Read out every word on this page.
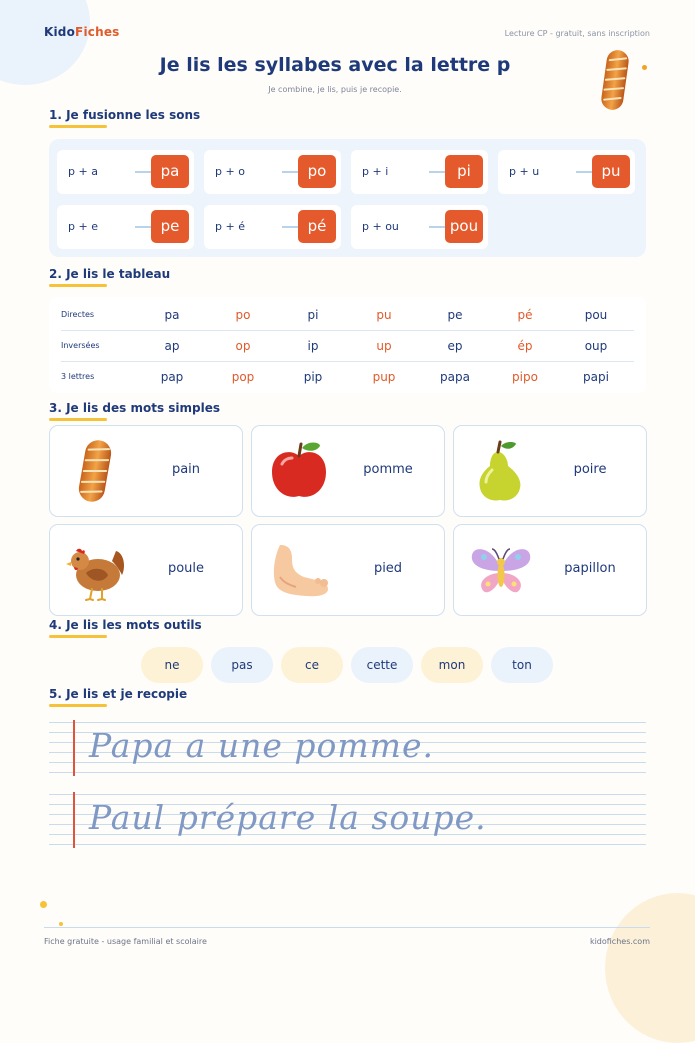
KidoFiches	Lecture CP - gratuit, sans inscription
Je lis les syllabes avec la lettre p
Je combine, je lis, puis je recopie.
1. Je fusionne les sons
p + a	pa	p + o	po	p + i	pi	p + u	pu
p + e	pe	p + é	pé	p + ou	pou
2. Je lis le tableau
Directes	pa	po	pi	pu	pe	pé	pou
Inversées	ap	op	ip	up	ep	ép	oup
3 lettres	pap	pop	pip	pup	papa	pipo	papi
3. Je lis des mots simples
pain	pomme	poire
poule	pied	papillon
4. Je lis les mots outils
ne	pas	ce	cette	mon	ton
5. Je lis et je recopie
Papa a une pomme.
Paul prépare la soupe.
Fiche gratuite - usage familial et scolaire	kidofiches.com
